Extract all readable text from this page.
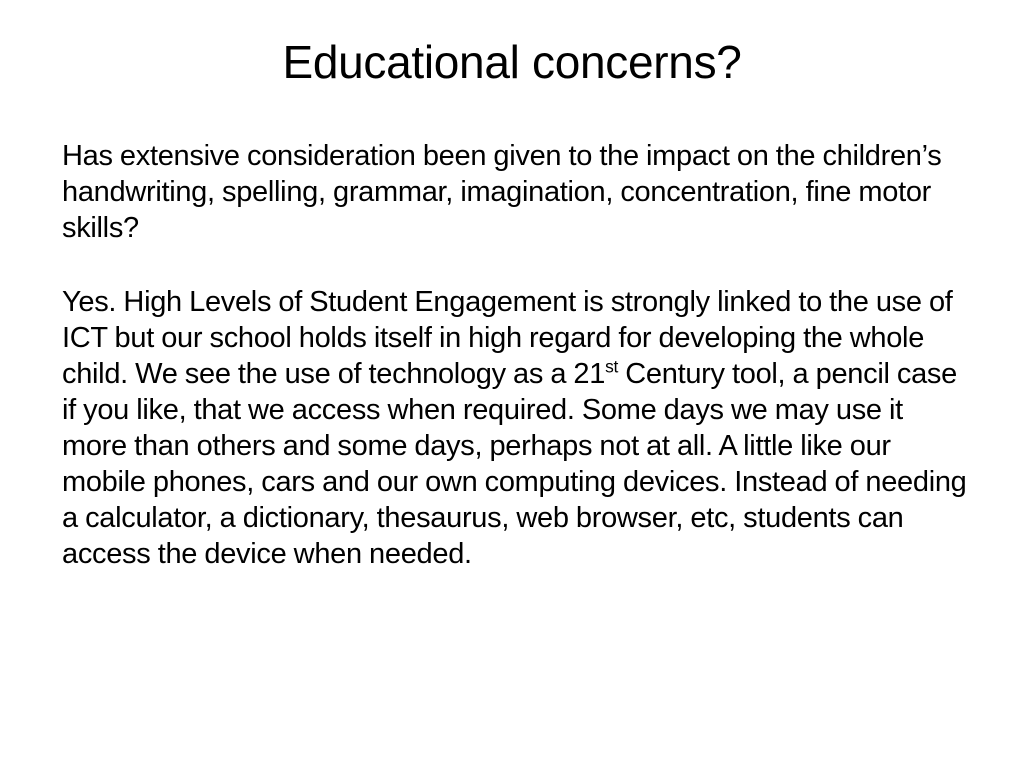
Educational concerns?

Has extensive consideration been given to the impact on the children’s handwriting, spelling, grammar, imagination, concentration, fine motor skills?

Yes. High Levels of Student Engagement is strongly linked to the use of ICT but our school holds itself in high regard for developing the whole child. We see the use of technology as a 21st Century tool, a pencil case if you like, that we access when required. Some days we may use it more than others and some days, perhaps not at all. A little like our mobile phones, cars and our own computing devices. Instead of needing a calculator, a dictionary, thesaurus, web browser, etc, students can access the device when needed.
